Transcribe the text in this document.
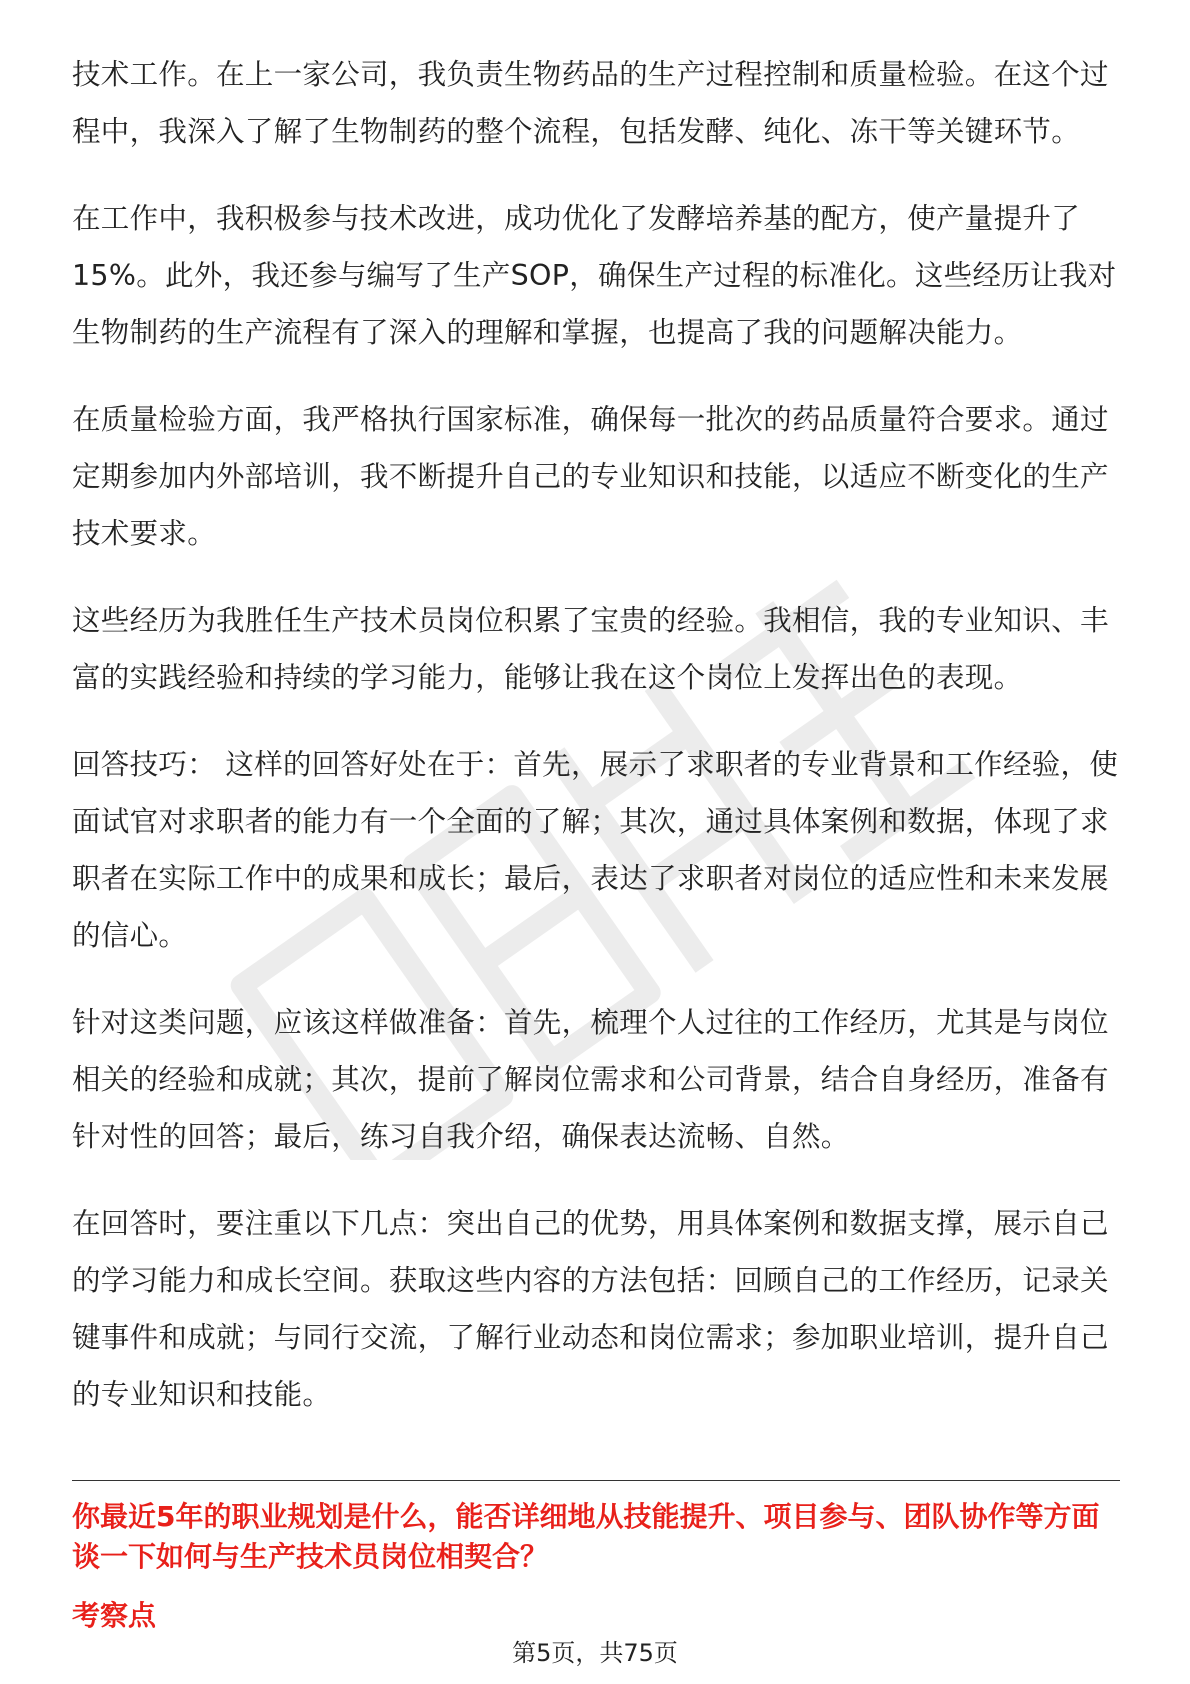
技术工作。在上一家公司，我负责生物药品的生产过程控制和质量检验。在这个过程中，我深入了解了生物制药的整个流程，包括发酵、纯化、冻干等关键环节。

在工作中，我积极参与技术改进，成功优化了发酵培养基的配方，使产量提升了15%。此外，我还参与编写了生产SOP，确保生产过程的标准化。这些经历让我对生物制药的生产流程有了深入的理解和掌握，也提高了我的问题解决能力。

在质量检验方面，我严格执行国家标准，确保每一批次的药品质量符合要求。通过定期参加内外部培训，我不断提升自己的专业知识和技能，以适应不断变化的生产技术要求。

这些经历为我胜任生产技术员岗位积累了宝贵的经验。我相信，我的专业知识、丰富的实践经验和持续的学习能力，能够让我在这个岗位上发挥出色的表现。

回答技巧： 这样的回答好处在于：首先，展示了求职者的专业背景和工作经验，使面试官对求职者的能力有一个全面的了解；其次，通过具体案例和数据，体现了求职者在实际工作中的成果和成长；最后，表达了求职者对岗位的适应性和未来发展的信心。

针对这类问题，应该这样做准备：首先，梳理个人过往的工作经历，尤其是与岗位相关的经验和成就；其次，提前了解岗位需求和公司背景，结合自身经历，准备有针对性的回答；最后，练习自我介绍，确保表达流畅、自然。

在回答时，要注重以下几点：突出自己的优势，用具体案例和数据支撑，展示自己的学习能力和成长空间。获取这些内容的方法包括：回顾自己的工作经历，记录关键事件和成就；与同行交流，了解行业动态和岗位需求；参加职业培训，提升自己的专业知识和技能。

你最近5年的职业规划是什么，能否详细地从技能提升、项目参与、团队协作等方面谈一下如何与生产技术员岗位相契合？

考察点

第5页，共75页
